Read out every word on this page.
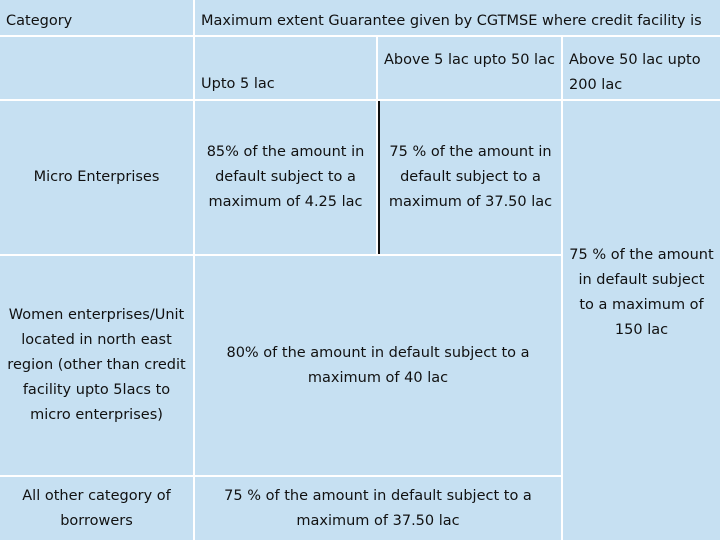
Category	Maximum extent Guarantee given by CGTMSE where credit facility is
Upto 5 lac
Above 5 lac upto 50 lac Above 50 lac upto 200 lac
Micro Enterprises
85% of the amount in default subject to a maximum of 4.25 lac
75 % of the amount in default subject to a maximum of 37.50 lac
75 % of the amount in default subject to a maximum of 150 lac
Women enterprises/Unit located in north east region (other than credit facility upto 5lacs to micro enterprises)
80% of the amount in default subject to a maximum of 40 lac
All other category of borrowers
75 % of the amount in default subject to a maximum of 37.50 lac
